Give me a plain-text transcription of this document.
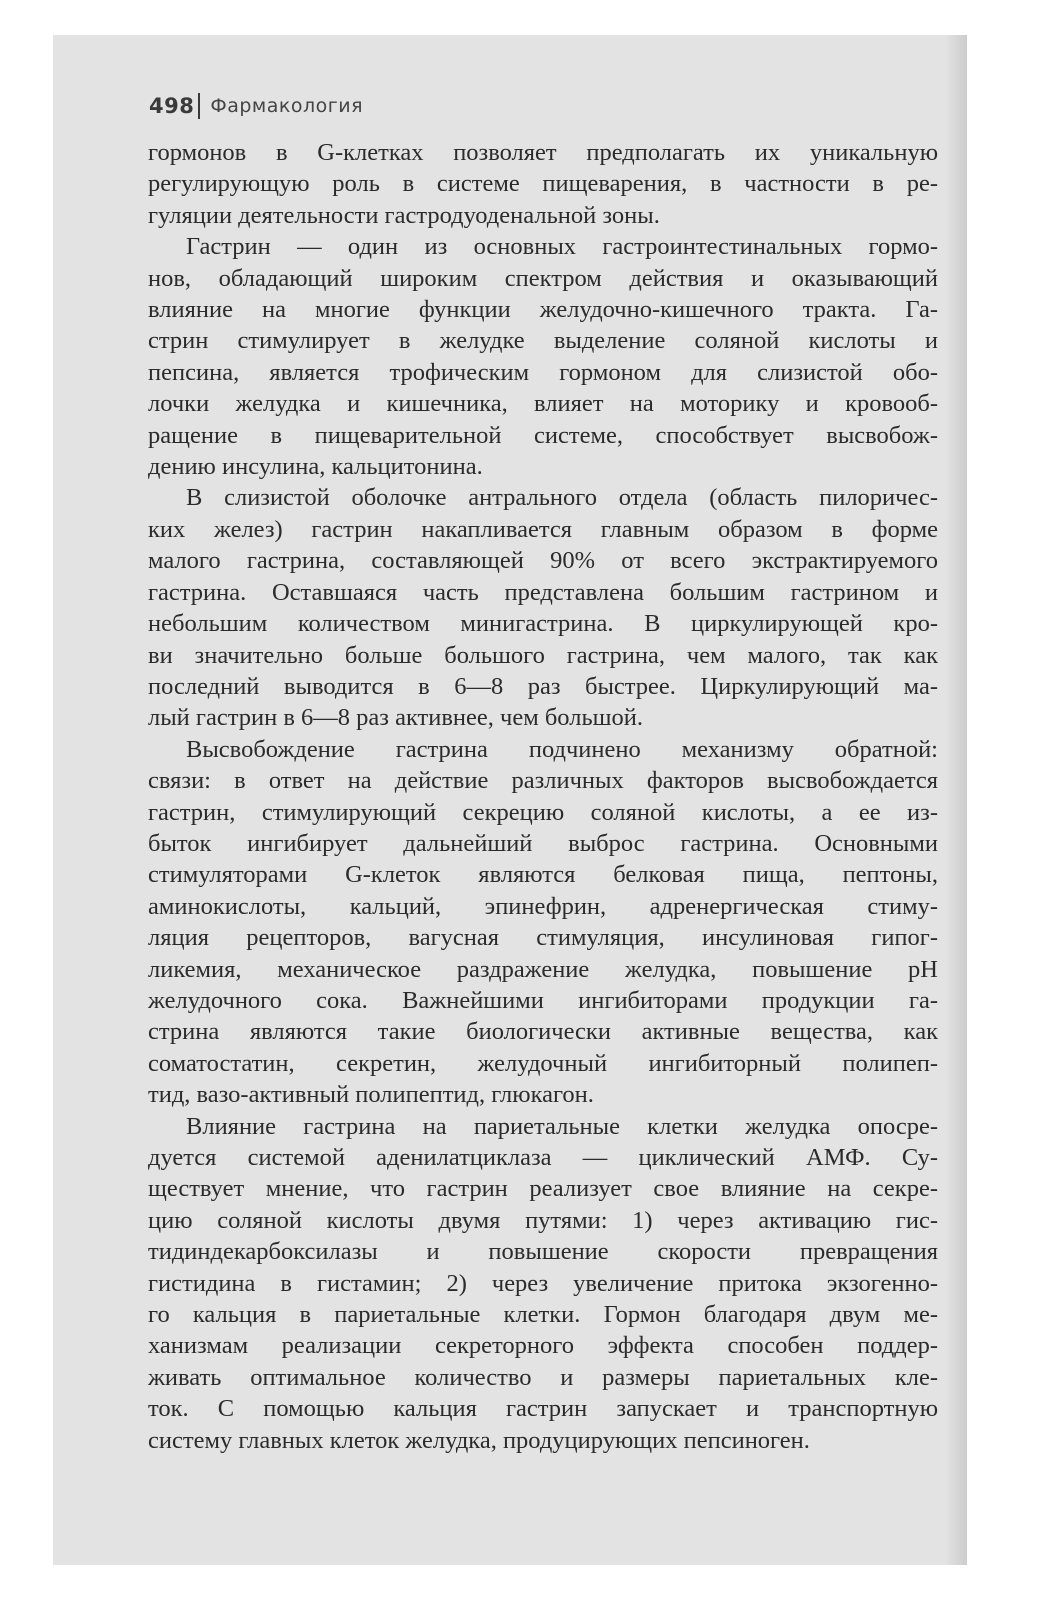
498 Фармакология
гормонов в G-клетках позволяет предполагать их уникальную
регулирующую роль в системе пищеварения, в частности в ре-
гуляции деятельности гастродуоденальной зоны.
Гастрин — один из основных гастроинтестинальных гормо-
нов, обладающий широким спектром действия и оказывающий
влияние на многие функции желудочно-кишечного тракта. Га-
стрин стимулирует в желудке выделение соляной кислоты и
пепсина, является трофическим гормоном для слизистой обо-
лочки желудка и кишечника, влияет на моторику и кровооб-
ращение в пищеварительной системе, способствует высвобож-
дению инсулина, кальцитонина.
В слизистой оболочке антрального отдела (область пилоричес-
ких желез) гастрин накапливается главным образом в форме
малого гастрина, составляющей 90% от всего экстрактируемого
гастрина. Оставшаяся часть представлена большим гастрином и
небольшим количеством минигастрина. В циркулирующей кро-
ви значительно больше большого гастрина, чем малого, так как
последний выводится в 6—8 раз быстрее. Циркулирующий ма-
лый гастрин в 6—8 раз активнее, чем большой.
Высвобождение гастрина подчинено механизму обратной:
связи: в ответ на действие различных факторов высвобождается
гастрин, стимулирующий секрецию соляной кислоты, а ее из-
быток ингибирует дальнейший выброс гастрина. Основными
стимуляторами G-клеток являются белковая пища, пептоны,
аминокислоты, кальций, эпинефрин, адренергическая стиму-
ляция рецепторов, вагусная стимуляция, инсулиновая гипог-
ликемия, механическое раздражение желудка, повышение pH
желудочного сока. Важнейшими ингибиторами продукции га-
стрина являются такие биологически активные вещества, как
соматостатин, секретин, желудочный ингибиторный полипеп-
тид, вазо-активный полипептид, глюкагон.
Влияние гастрина на париетальные клетки желудка опосре-
дуется системой аденилатциклаза — циклический АМФ. Су-
ществует мнение, что гастрин реализует свое влияние на секре-
цию соляной кислоты двумя путями: 1) через активацию гис-
тидиндекарбоксилазы и повышение скорости превращения
гистидина в гистамин; 2) через увеличение притока экзогенно-
го кальция в париетальные клетки. Гормон благодаря двум ме-
ханизмам реализации секреторного эффекта способен поддер-
живать оптимальное количество и размеры париетальных кле-
ток. С помощью кальция гастрин запускает и транспортную
систему главных клеток желудка, продуцирующих пепсиноген.
